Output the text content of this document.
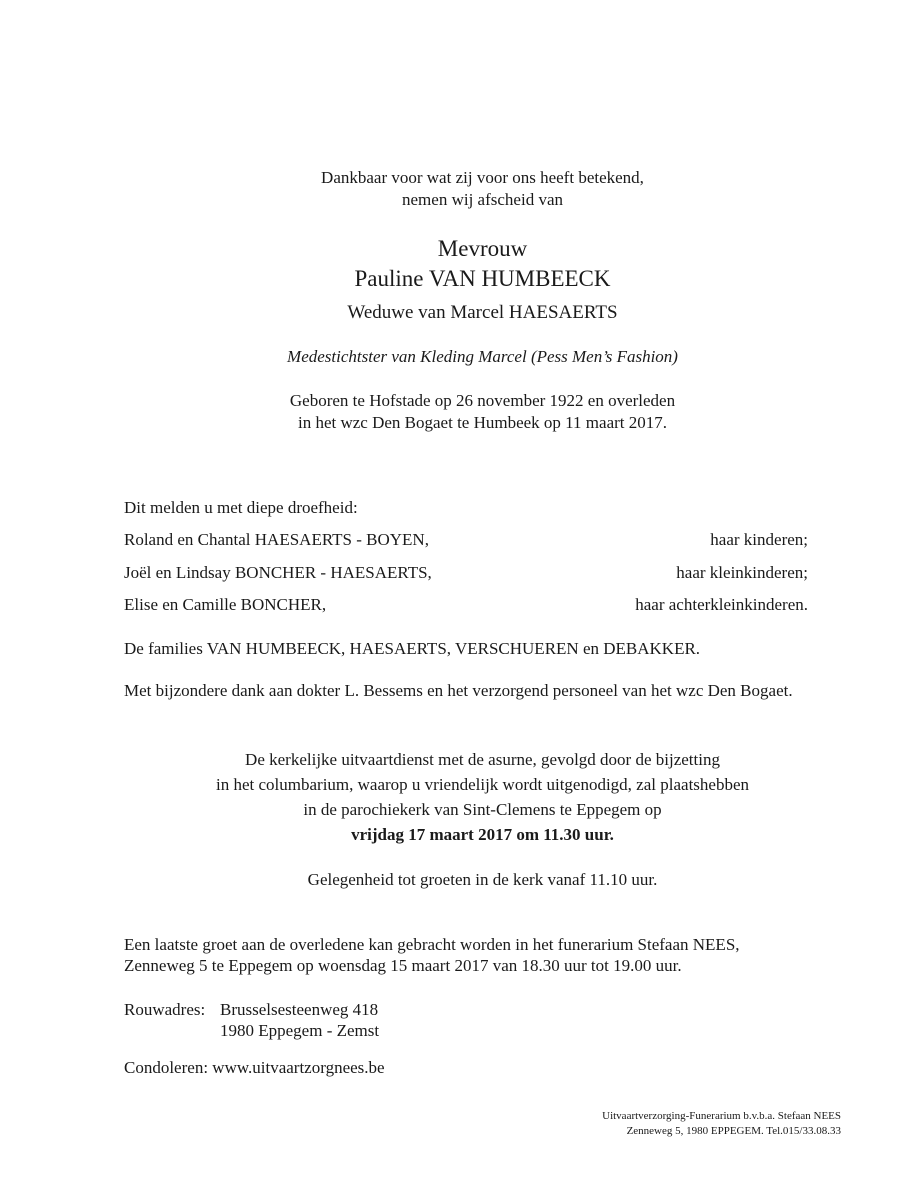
Dankbaar voor wat zij voor ons heeft betekend,
nemen wij afscheid van
Mevrouw
Pauline VAN HUMBEECK
Weduwe van Marcel HAESAERTS
Medestichtster van Kleding Marcel (Pess Men’s Fashion)
Geboren te Hofstade op 26 november 1922 en overleden
in het wzc Den Bogaet te Humbeek op 11 maart 2017.
Dit melden u met diepe droefheid:
Roland en Chantal HAESAERTS - BOYEN,	haar kinderen;
Joël en Lindsay BONCHER - HAESAERTS,	haar kleinkinderen;
Elise en Camille BONCHER,	haar achterkleinkinderen.
De families VAN HUMBEECK, HAESAERTS, VERSCHUEREN en DEBAKKER.
Met bijzondere dank aan dokter L. Bessems en het verzorgend personeel van het wzc Den Bogaet.
De kerkelijke uitvaartdienst met de asurne, gevolgd door de bijzetting
in het columbarium, waarop u vriendelijk wordt uitgenodigd, zal plaatshebben
in de parochiekerk van Sint-Clemens te Eppegem op
vrijdag 17 maart 2017 om 11.30 uur.
Gelegenheid tot groeten in de kerk vanaf 11.10 uur.
Een laatste groet aan de overledene kan gebracht worden in het funerarium Stefaan NEES,
Zenneweg 5 te Eppegem op woensdag 15 maart 2017 van 18.30 uur tot 19.00 uur.
Rouwadres: Brusselsesteenweg 418
1980 Eppegem - Zemst
Condoleren: www.uitvaartzorgnees.be
Uitvaartverzorging-Funerarium b.v.b.a. Stefaan NEES
Zenneweg 5, 1980 EPPEGEM. Tel.015/33.08.33
